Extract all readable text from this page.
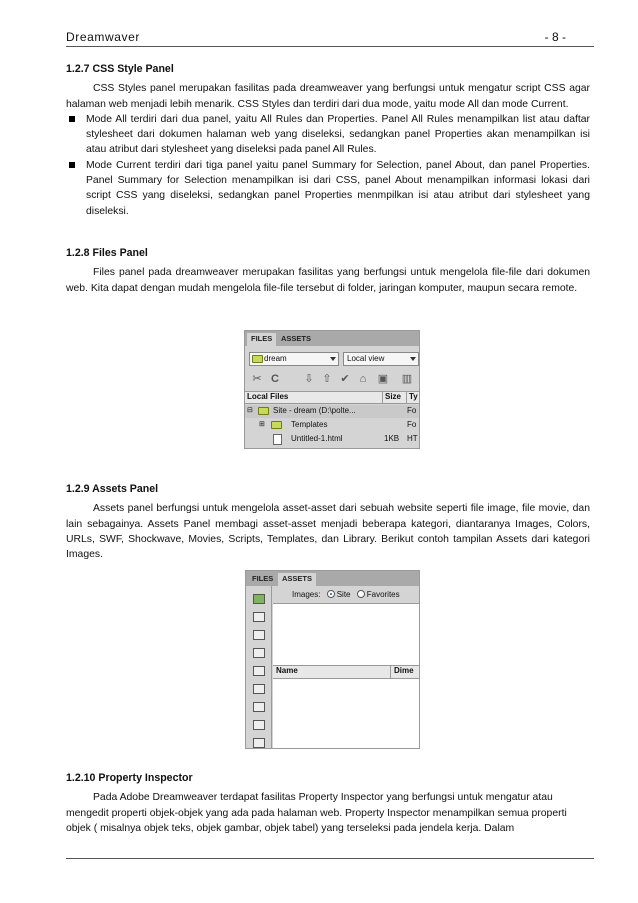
Dreamwaver	- 8 -
1.2.7 CSS Style Panel
CSS Styles panel merupakan fasilitas pada dreamweaver yang berfungsi untuk mengatur script CSS agar halaman web menjadi lebih menarik. CSS Styles dan terdiri dari dua mode, yaitu mode All dan mode Current.
Mode All terdiri dari dua panel, yaitu All Rules dan Properties. Panel All Rules menampilkan list atau daftar stylesheet dari dokumen halaman web yang diseleksi, sedangkan panel Properties akan menampilkan isi atau atribut dari stylesheet yang diseleksi pada panel All Rules.
Mode Current terdiri dari tiga panel yaitu panel Summary for Selection, panel About, dan panel Properties. Panel Summary for Selection menampilkan isi dari CSS, panel About menampilkan informasi lokasi dari script CSS yang diseleksi, sedangkan panel Properties menmpilkan isi atau atribut dari stylesheet yang diseleksi.
1.2.8 Files Panel
Files panel pada dreamweaver merupakan fasilitas yang berfungsi untuk mengelola file-file dari dokumen web. Kita dapat dengan mudah mengelola file-file tersebut di folder, jaringan komputer, maupun secara remote.
FILES	ASSETS
dream	Local view
✂ C ⇩ ⇧ ✔ ⌂ ▣ ▥
Local Files	Size Ty
⊟	Site - dream (D:\polte...	Fo
⊞	Templates	Fo
Untitled-1.html	1KB HT
1.2.9 Assets Panel
Assets panel berfungsi untuk mengelola asset-asset dari sebuah website seperti file image, file movie, dan lain sebagainya. Assets Panel membagi asset-asset menjadi beberapa kategori, diantaranya Images, Colors, URLs, SWF, Shockwave, Movies, Scripts, Templates, dan Library. Berikut contoh tampilan Assets dari kategori Images.
FILES	ASSETS
Images: Site Favorites
Name	Dime
1.2.10 Property Inspector
Pada Adobe Dreamweaver terdapat fasilitas Property Inspector yang berfungsi untuk mengatur atau mengedit properti objek-objek yang ada pada halaman web. Property Inspector menampilkan semua properti objek ( misalnya objek teks, objek gambar, objek tabel) yang terseleksi pada jendela kerja. Dalam
